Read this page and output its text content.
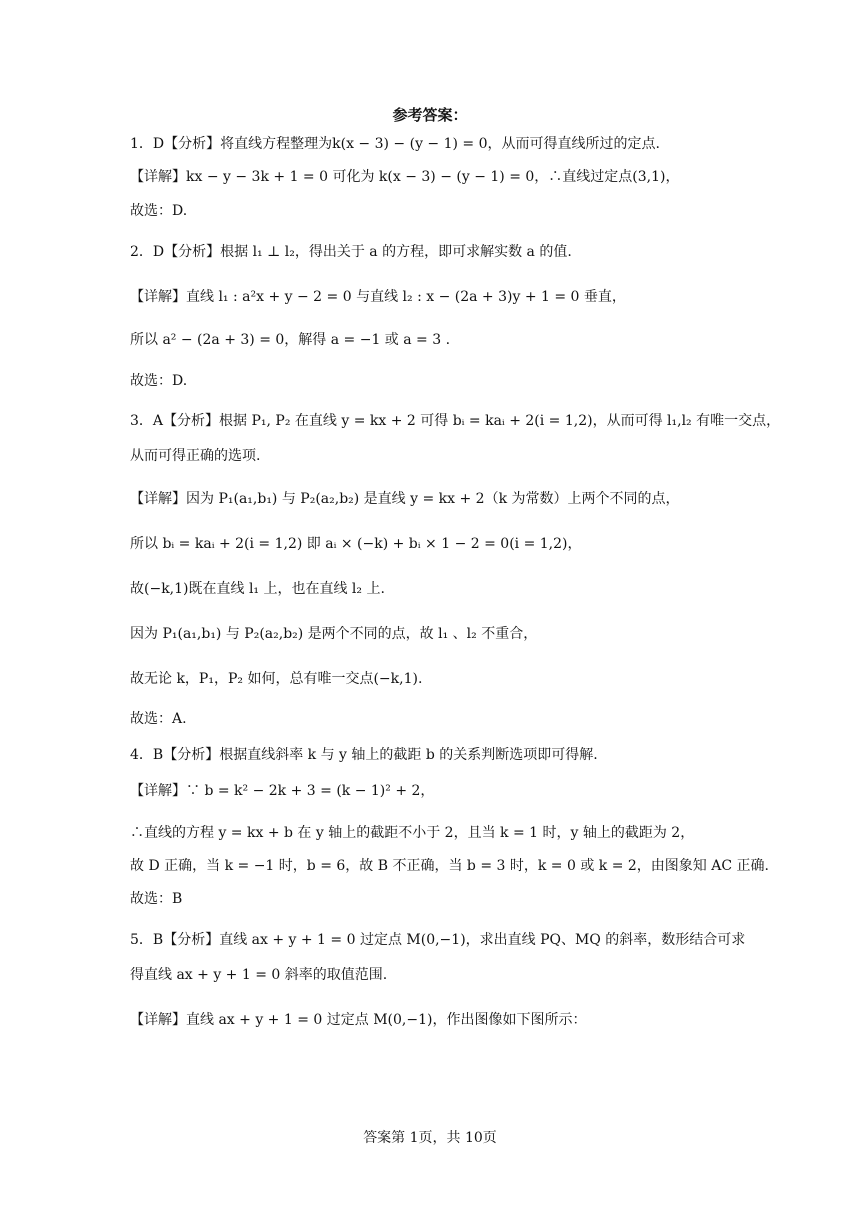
参考答案：
1．D【分析】将直线方程整理为k(x − 3) − (y − 1) = 0，从而可得直线所过的定点.
【详解】kx − y − 3k + 1 = 0 可化为 k(x − 3) − (y − 1) = 0，∴直线过定点(3,1)，
故选：D.
2．D【分析】根据 l₁ ⊥ l₂，得出关于 a 的方程，即可求解实数 a 的值.
【详解】直线 l₁ : a²x + y − 2 = 0 与直线 l₂ : x − (2a + 3)y + 1 = 0 垂直，
所以 a² − (2a + 3) = 0，解得 a = −1 或 a = 3 .
故选：D.
3．A【分析】根据 P₁, P₂ 在直线 y = kx + 2 可得 bᵢ = kaᵢ + 2(i = 1,2)，从而可得 l₁,l₂ 有唯一交点，
从而可得正确的选项.
【详解】因为 P₁(a₁,b₁) 与 P₂(a₂,b₂) 是直线 y = kx + 2（k 为常数）上两个不同的点，
所以 bᵢ = kaᵢ + 2(i = 1,2) 即 aᵢ × (−k) + bᵢ × 1 − 2 = 0(i = 1,2)，
故(−k,1)既在直线 l₁ 上，也在直线 l₂ 上.
因为 P₁(a₁,b₁) 与 P₂(a₂,b₂) 是两个不同的点，故 l₁ 、l₂ 不重合，
故无论 k，P₁，P₂ 如何，总有唯一交点(−k,1).
故选：A.
4．B【分析】根据直线斜率 k 与 y 轴上的截距 b 的关系判断选项即可得解.
【详解】∵ b = k² − 2k + 3 = (k − 1)² + 2，
∴直线的方程 y = kx + b 在 y 轴上的截距不小于 2，且当 k = 1 时，y 轴上的截距为 2，
故 D 正确，当 k = −1 时，b = 6，故 B 不正确，当 b = 3 时，k = 0 或 k = 2，由图象知 AC 正确.
故选：B
5．B【分析】直线 ax + y + 1 = 0 过定点 M(0,−1)，求出直线 PQ、MQ 的斜率，数形结合可求
得直线 ax + y + 1 = 0 斜率的取值范围.
【详解】直线 ax + y + 1 = 0 过定点 M(0,−1)，作出图像如下图所示：
答案第 1页，共 10页
